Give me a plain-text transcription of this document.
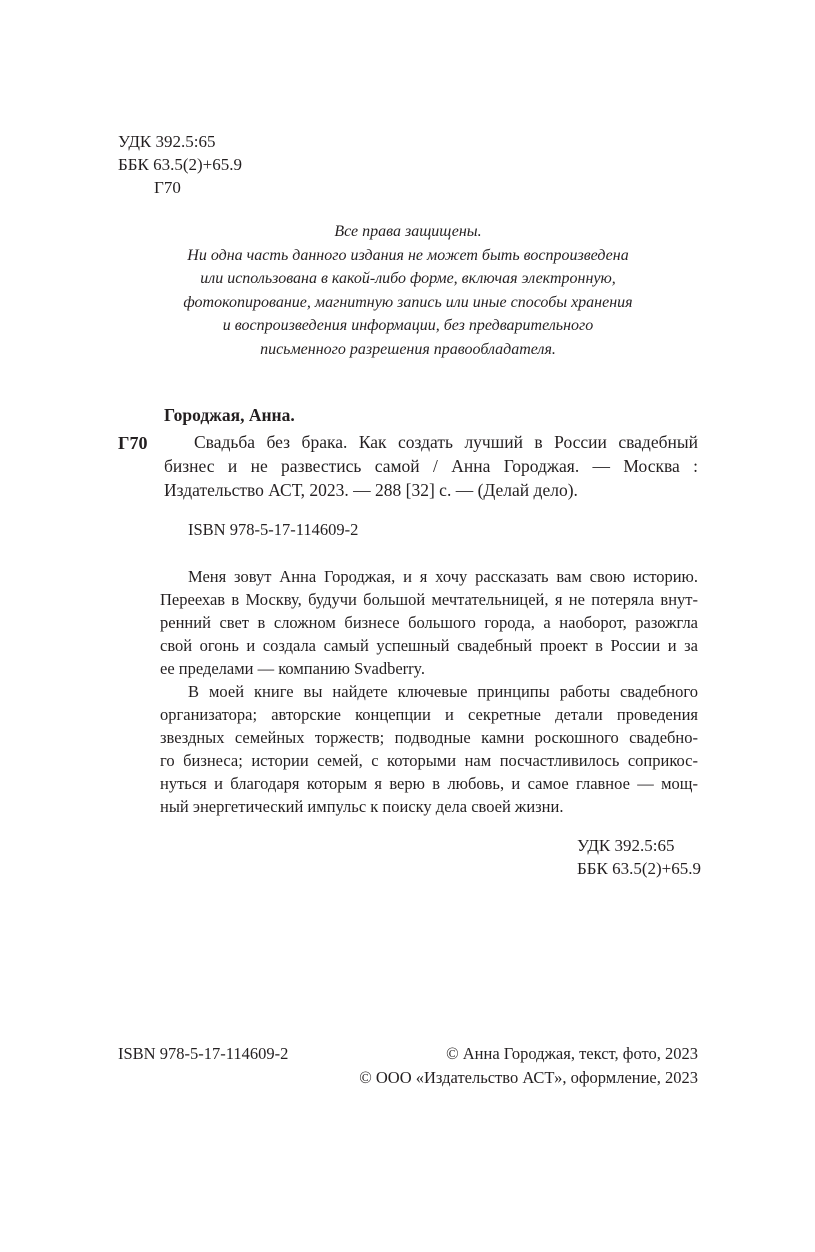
УДК 392.5:65
ББК 63.5(2)+65.9
Г70
Все права защищены.
Ни одна часть данного издания не может быть воспроизведена
или использована в какой-либо форме, включая электронную,
фотокопирование, магнитную запись или иные способы хранения
и воспроизведения информации, без предварительного
письменного разрешения правообладателя.
Городжая, Анна.
Г70	Свадьба без брака. Как создать лучший в России свадебный
бизнес и не развестись самой / Анна Городжая. — Москва :
Издательство АСТ, 2023. — 288 [32] с. — (Делай дело).
ISBN 978-5-17-114609-2

Меня зовут Анна Городжая, и я хочу рассказать вам свою историю.
Переехав в Москву, будучи большой мечтательницей, я не потеряла внут-
ренний свет в сложном бизнесе большого города, а наоборот, разожгла
свой огонь и создала самый успешный свадебный проект в России и за
ее пределами — компанию Svadberry.

В моей книге вы найдете ключевые принципы работы свадебного
организатора; авторские концепции и секретные детали проведения
звездных семейных торжеств; подводные камни роскошного свадебно-
го бизнеса; истории семей, с которыми нам посчастливилось соприкос-
нуться и благодаря которым я верю в любовь, и самое главное — мощ-
ный энергетический импульс к поиску дела своей жизни.

УДК 392.5:65
ББК 63.5(2)+65.9
ISBN 978-5-17-114609-2	© Анна Городжая, текст, фото, 2023
© ООО «Издательство АСТ», оформление, 2023
